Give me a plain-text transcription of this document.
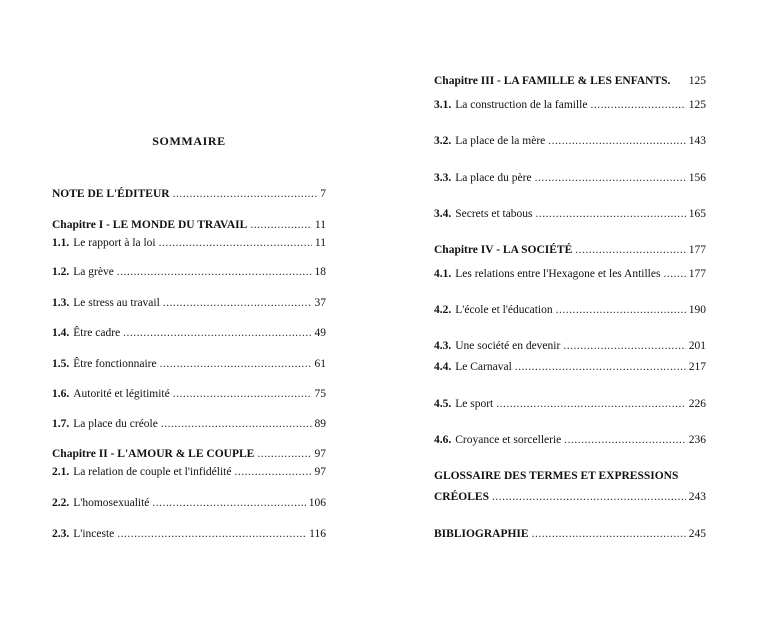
SOMMAIRE
NOTE DE L'ÉDITEUR .....	7
Chapitre I - LE MONDE DU TRAVAIL .....	11
1.1. Le rapport à la loi .....	11
1.2. La grève .....	18
1.3. Le stress au travail .....	37
1.4. Être cadre .....	49
1.5. Être fonctionnaire .....	61
1.6. Autorité et légitimité .....	75
1.7. La place du créole .....	89
Chapitre II - L'AMOUR & LE COUPLE .....	97
2.1. La relation de couple et l'infidélité .....	97
2.2. L'homosexualité .....	106
2.3. L'inceste .....	116
Chapitre III - LA FAMILLE & LES ENFANTS. 125
3.1. La construction de la famille .....	125
3.2. La place de la mère .....	143
3.3. La place du père .....	156
3.4. Secrets et tabous .....	165
Chapitre IV - LA SOCIÉTÉ .....	177
4.1. Les relations entre l'Hexagone et les Antilles ..... 177
4.2. L'école et l'éducation .....	190
4.3. Une société en devenir .....	201
4.4. Le Carnaval .....	217
4.5. Le sport .....	226
4.6. Croyance et sorcellerie .....	236
GLOSSAIRE DES TERMES ET EXPRESSIONS
CRÉOLES .....	243
BIBLIOGRAPHIE .....	245
